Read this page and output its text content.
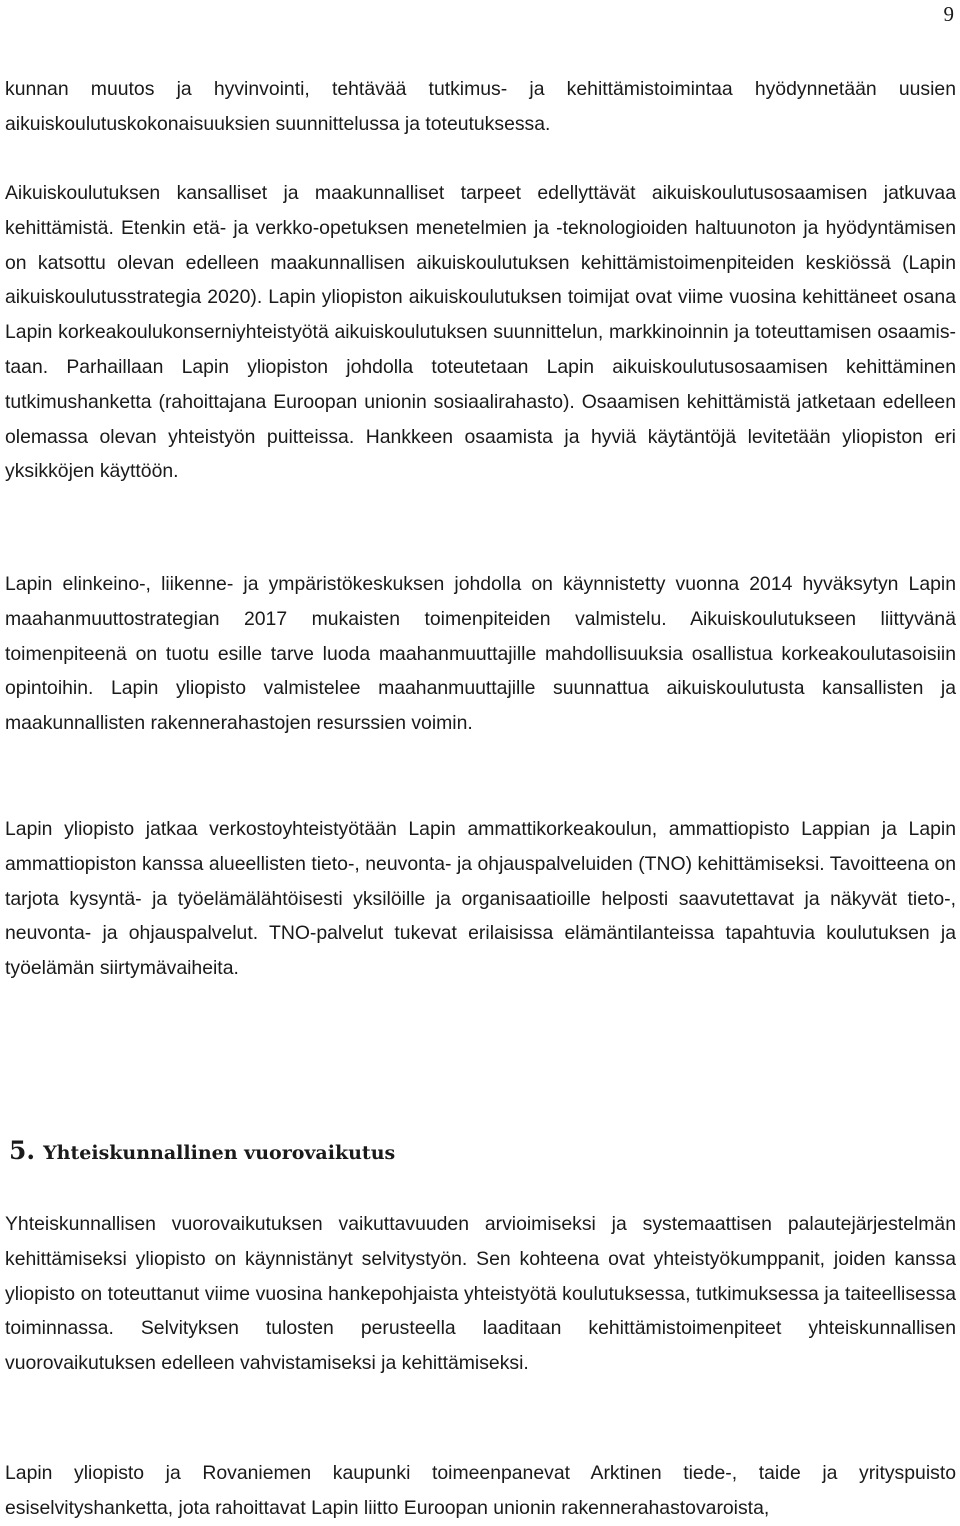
9

kunnan muutos ja hyvinvointi, tehtävää tutkimus- ja kehittämistoimintaa hyödynnetään uusien aikuiskoulutuskokonaisuuksien suunnittelussa ja toteutuksessa.

Aikuiskoulutuksen kansalliset ja maakunnalliset tarpeet edellyttävät aikuiskoulutusosaamisen jatkuvaa kehittämistä. Etenkin etä- ja verkko-opetuksen menetelmien ja -teknologioiden haltuunoton ja hyödyntämisen on katsottu olevan edelleen maakunnallisen aikuiskoulutuksen kehittämistoimenpiteiden keskiössä (Lapin aikuiskoulutusstrategia 2020). Lapin yliopiston aikuiskoulutuksen toimijat ovat viime vuosina kehittäneet osana Lapin korkeakoulukonserniyhteistyötä aikuiskoulutuksen suunnittelun, markkinoinnin ja toteuttamisen osaamistaan. Parhaillaan Lapin yliopiston johdolla toteutetaan Lapin aikuiskoulutusosaamisen kehittäminen tutkimushanketta (rahoittajana Euroopan unionin sosiaalirahasto). Osaamisen kehittämistä jatketaan edelleen olemassa olevan yhteistyön puitteissa. Hankkeen osaamista ja hyviä käytäntöjä levitetään yliopiston eri yksikköjen käyttöön.

Lapin elinkeino-, liikenne- ja ympäristökeskuksen johdolla on käynnistetty vuonna 2014 hyväksytyn Lapin maahanmuuttostrategian 2017 mukaisten toimenpiteiden valmistelu. Aikuiskoulutukseen liittyvänä toimenpiteenä on tuotu esille tarve luoda maahanmuuttajille mahdollisuuksia osallistua korkeakoulutasoisiin opintoihin. Lapin yliopisto valmistelee maahanmuuttajille suunnattua aikuiskoulutusta kansallisten ja maakunnallisten rakennerahastojen resurssien voimin.

Lapin yliopisto jatkaa verkostoyhteistyötään Lapin ammattikorkeakoulun, ammattiopisto Lappian ja Lapin ammattiopiston kanssa alueellisten tieto-, neuvonta- ja ohjauspalveluiden (TNO) kehittämiseksi. Tavoitteena on tarjota kysyntä- ja työelämälähtöisesti yksilöille ja organisaatioille helposti saavutettavat ja näkyvät tieto-, neuvonta- ja ohjauspalvelut. TNO-palvelut tukevat erilaisissa elämäntilanteissa tapahtuvia koulutuksen ja työelämän siirtymävaiheita.

5. Yhteiskunnallinen vuorovaikutus

Yhteiskunnallisen vuorovaikutuksen vaikuttavuuden arvioimiseksi ja systemaattisen palautejärjestelmän kehittämiseksi yliopisto on käynnistänyt selvitystyön. Sen kohteena ovat yhteistyökumppanit, joiden kanssa yliopisto on toteuttanut viime vuosina hankepohjaista yhteistyötä koulutuksessa, tutkimuksessa ja taiteellisessa toiminnassa. Selvityksen tulosten perusteella laaditaan kehittämistoimenpiteet yhteiskunnallisen vuorovaikutuksen edelleen vahvistamiseksi ja kehittämiseksi.

Lapin yliopisto ja Rovaniemen kaupunki toimeenpanevat Arktinen tiede-, taide ja yrityspuisto esiselvityshanketta, jota rahoittavat Lapin liitto Euroopan unionin rakennerahastovaroista,
